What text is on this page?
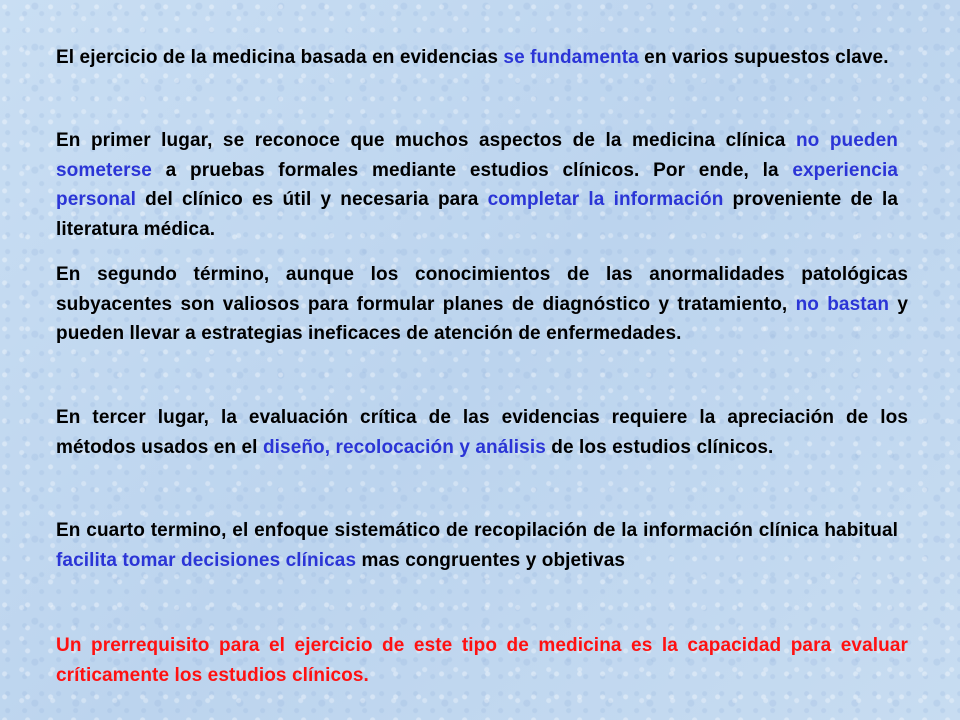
El ejercicio de la medicina basada en evidencias se fundamenta en varios supuestos clave.

En primer lugar, se reconoce que muchos aspectos de la medicina clínica no pueden someterse a pruebas formales mediante estudios clínicos. Por ende, la experiencia personal del clínico es útil y necesaria para completar la información proveniente de la literatura médica.

En segundo término, aunque los conocimientos de las anormalidades patológicas subyacentes son valiosos para formular planes de diagnóstico y tratamiento, no bastan y pueden llevar a estrategias ineficaces de atención de enfermedades.

En tercer lugar, la evaluación crítica de las evidencias requiere la apreciación de los métodos usados en el diseño, recolocación y análisis de los estudios clínicos.

En cuarto termino, el enfoque sistemático de recopilación de la información clínica habitual  facilita tomar decisiones clínicas mas congruentes y objetivas

Un prerrequisito para el ejercicio de este tipo de medicina es la capacidad para evaluar críticamente los estudios clínicos.
